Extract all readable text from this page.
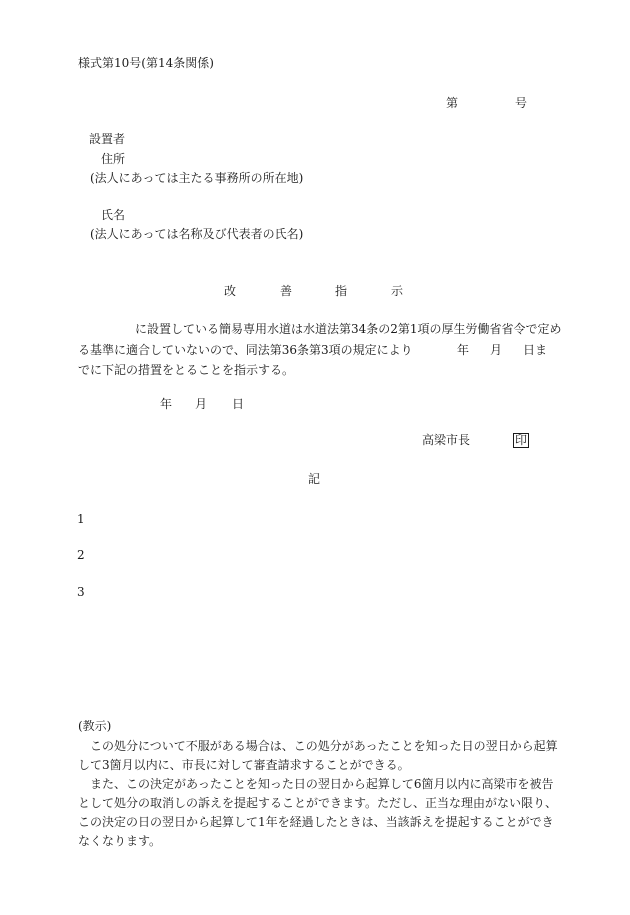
様式第10号(第14条関係)
第	号
設置者
住所
(法人にあっては主たる事務所の所在地)
氏名
(法人にあっては名称及び代表者の氏名)
改	善	指	示
に設置している簡易専用水道は水道法第34条の2第1項の厚生労働省省令で定め
る基準に適合していないので、同法第36条第3項の規定により	年 月 日ま
でに下記の措置をとることを指示する。
年 月 日
高梁市長	印
記
1
2
3
(教示)
この処分について不服がある場合は、この処分があったことを知った日の翌日から起算
して3箇月以内に、市長に対して審査請求することができる。
また、この決定があったことを知った日の翌日から起算して6箇月以内に高梁市を被告
として処分の取消しの訴えを提起することができます。ただし、正当な理由がない限り、
この決定の日の翌日から起算して1年を経過したときは、当該訴えを提起することができ
なくなります。
